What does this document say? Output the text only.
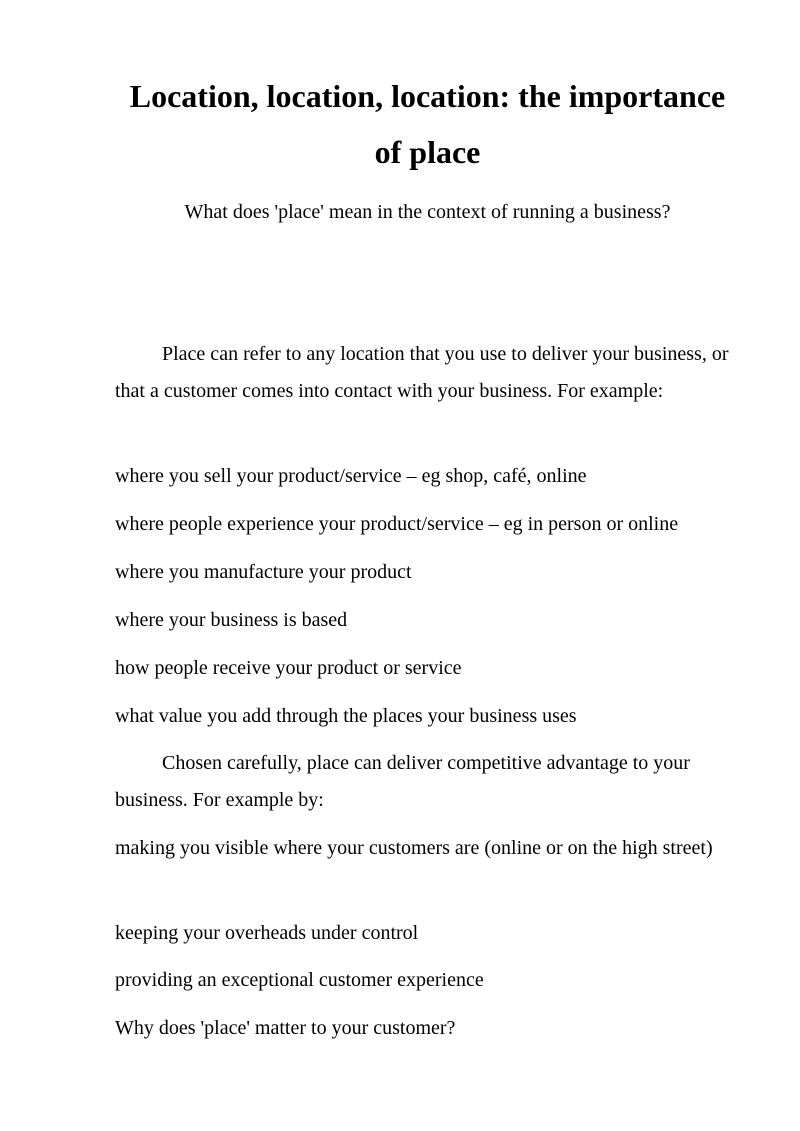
Location, location, location: the importance of place

What does 'place' mean in the context of running a business?

Place can refer to any location that you use to deliver your business, or that a customer comes into contact with your business. For example:

where you sell your product/service – eg shop, café, online

where people experience your product/service – eg in person or online

where you manufacture your product

where your business is based

how people receive your product or service

what value you add through the places your business uses

Chosen carefully, place can deliver competitive advantage to your business. For example by:

making you visible where your customers are (online or on the high street)

keeping your overheads under control

providing an exceptional customer experience

Why does 'place' matter to your customer?
